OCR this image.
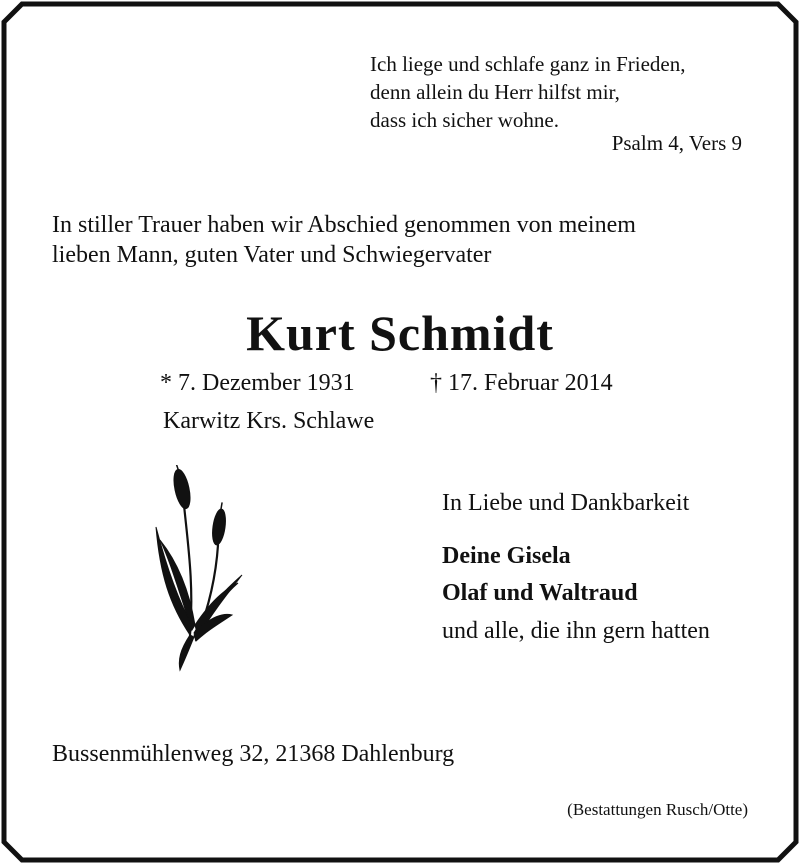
Ich liege und schlafe ganz in Frieden,
denn allein du Herr hilfst mir,
dass ich sicher wohne.
Psalm 4, Vers 9
In stiller Trauer haben wir Abschied genommen von meinem
lieben Mann, guten Vater und Schwiegervater
Kurt Schmidt
* 7. Dezember 1931	† 17. Februar 2014
Karwitz Krs. Schlawe
In Liebe und Dankbarkeit
Deine Gisela
Olaf und Waltraud
und alle, die ihn gern hatten
Bussenmühlenweg 32, 21368 Dahlenburg
(Bestattungen Rusch/Otte)
